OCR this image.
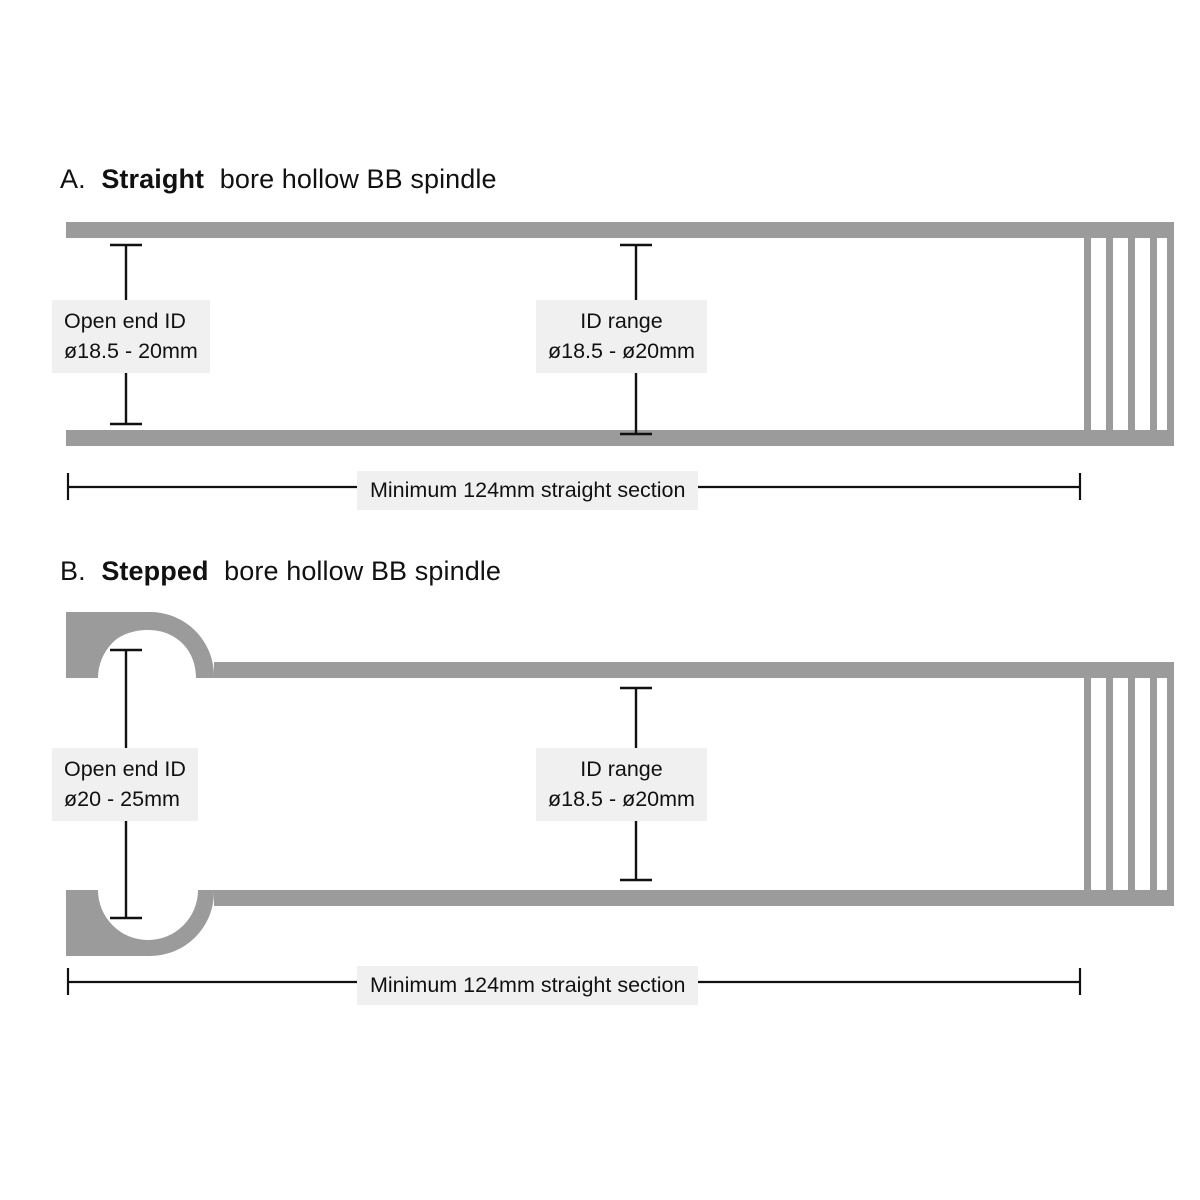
A. Straight bore hollow BB spindle
Open end ID
ø18.5 - 20mm
ID range
ø18.5 - ø20mm
Minimum 124mm straight section
B. Stepped bore hollow BB spindle
Open end ID
ø20 - 25mm
ID range
ø18.5 - ø20mm
Minimum 124mm straight section
